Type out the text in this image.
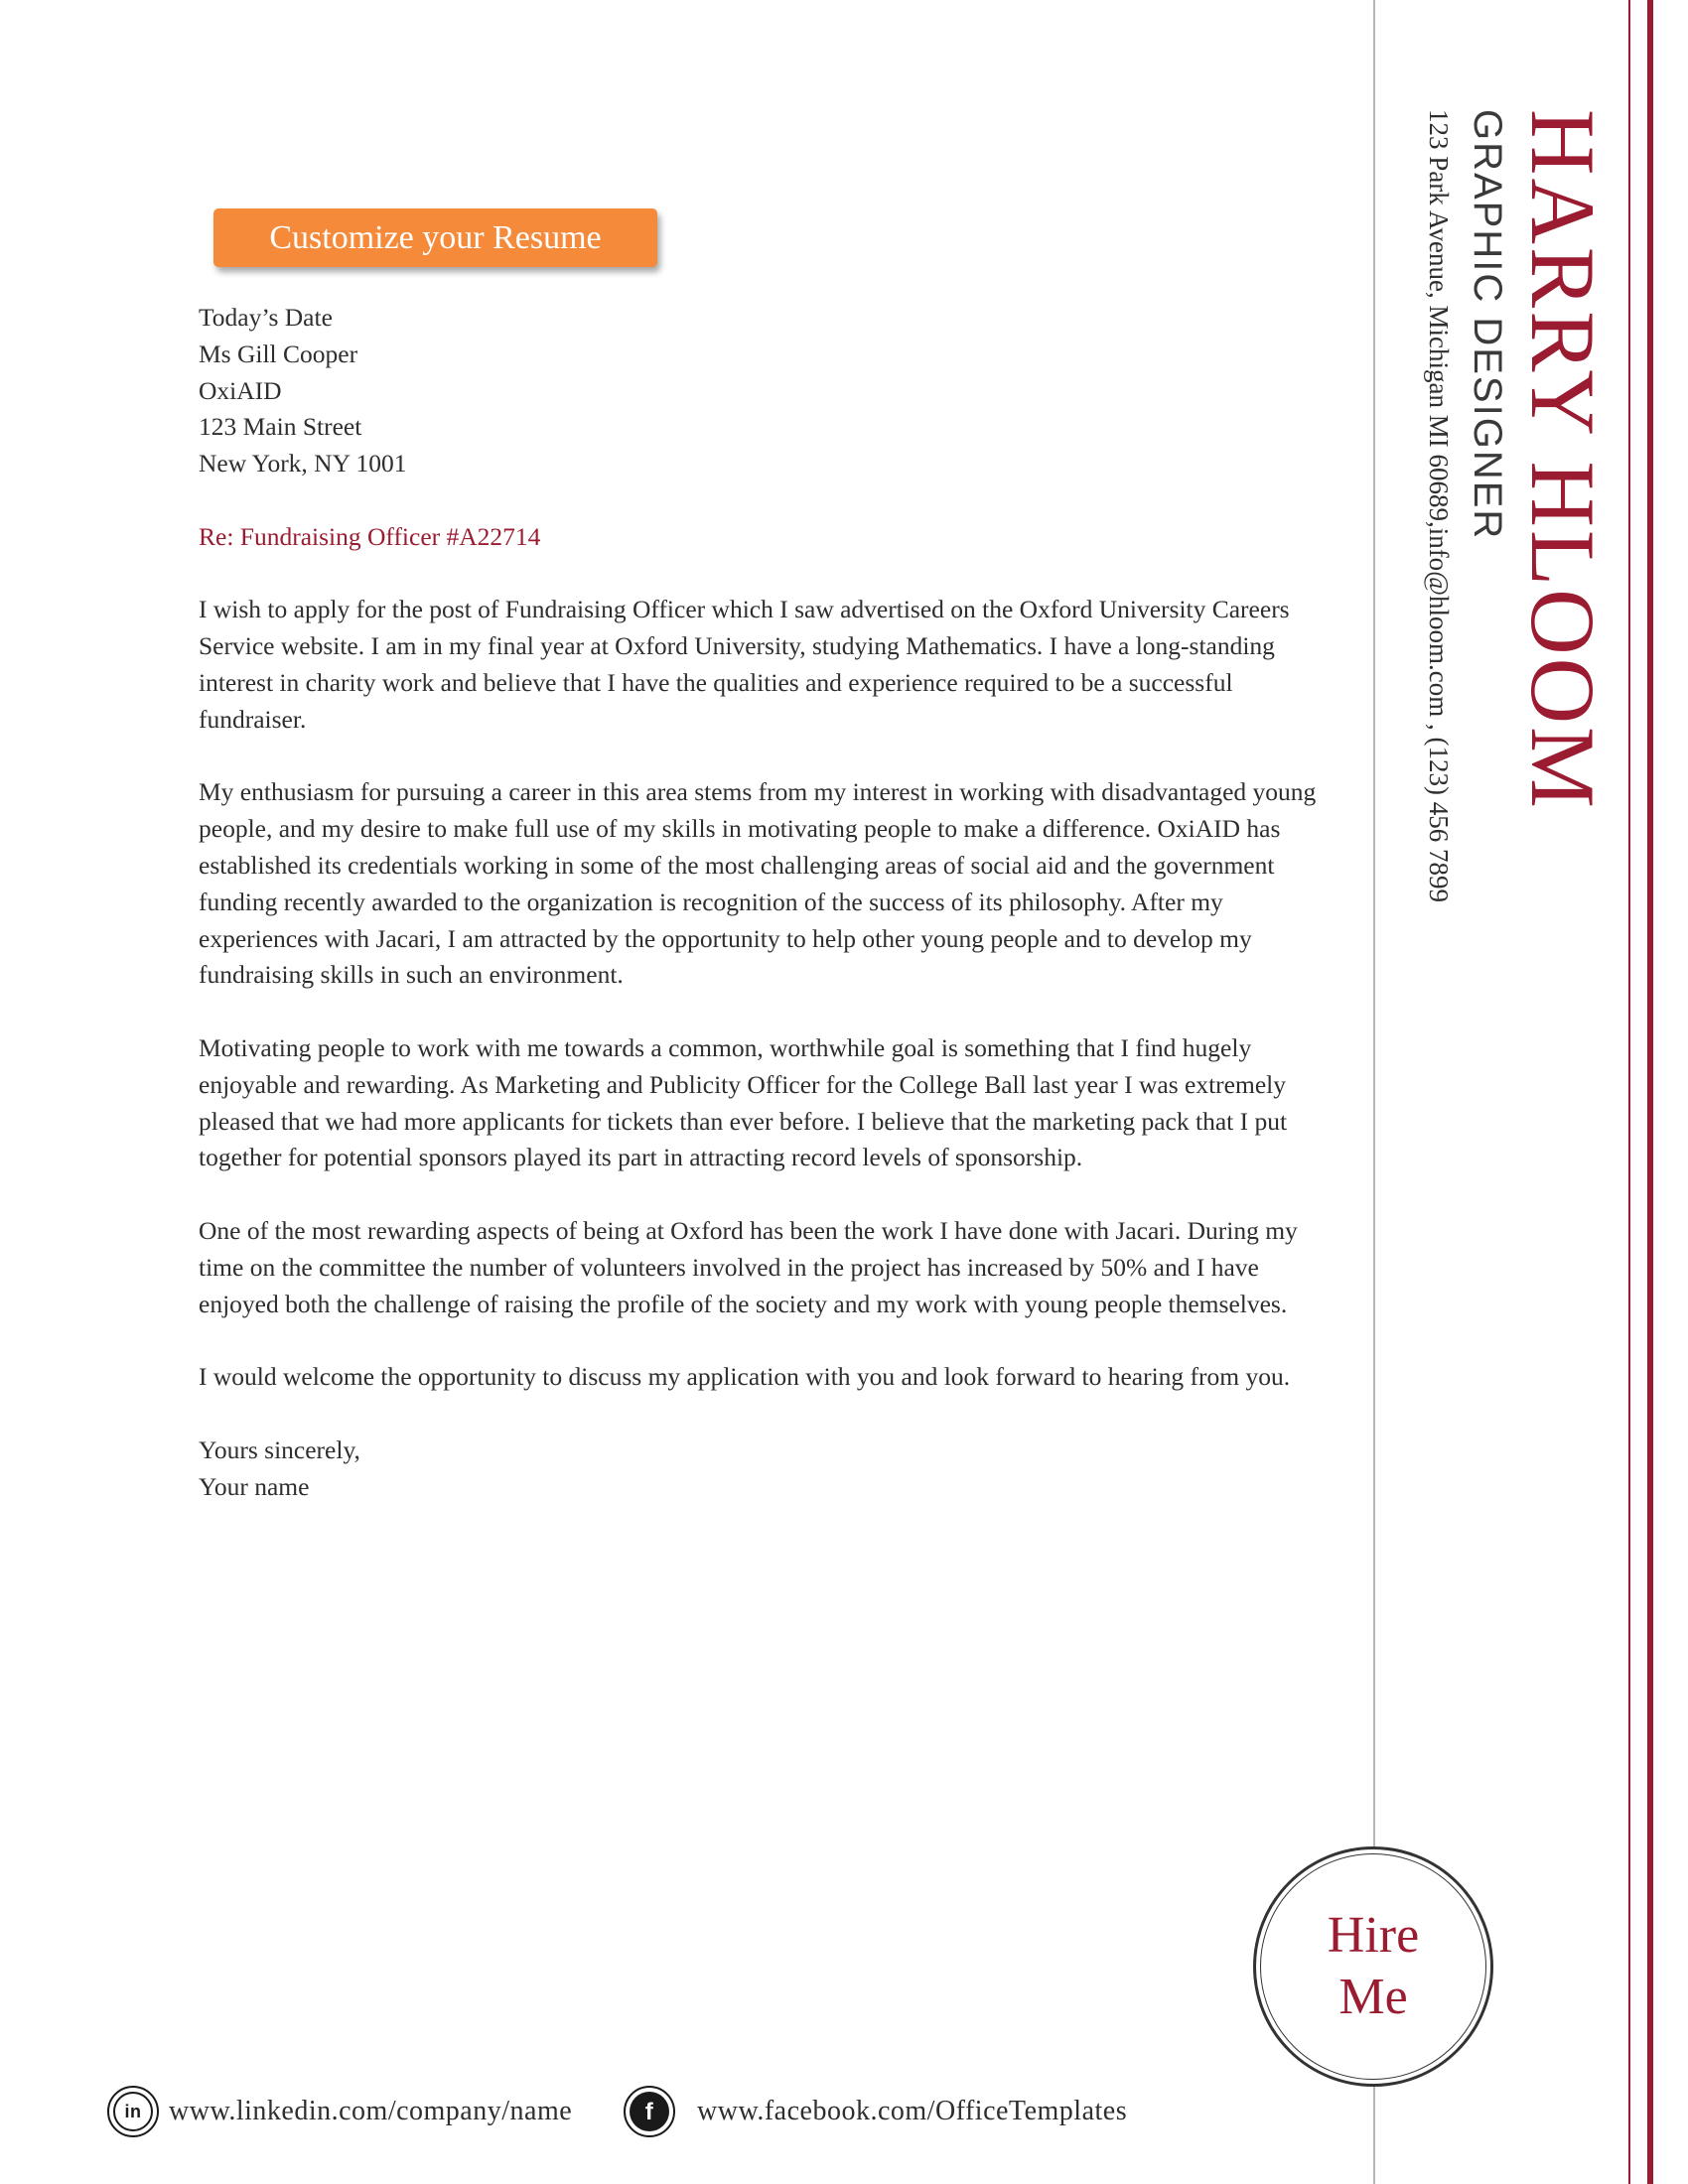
Customize your Resume

Today’s Date
Ms Gill Cooper
OxiAID
123 Main Street
New York, NY 1001

Re: Fundraising Officer #A22714

I wish to apply for the post of Fundraising Officer which I saw advertised on the Oxford University Careers Service website. I am in my final year at Oxford University, studying Mathematics. I have a long-standing interest in charity work and believe that I have the qualities and experience required to be a successful fundraiser.

My enthusiasm for pursuing a career in this area stems from my interest in working with disadvantaged young people, and my desire to make full use of my skills in motivating people to make a difference. OxiAID has established its credentials working in some of the most challenging areas of social aid and the government funding recently awarded to the organization is recognition of the success of its philosophy. After my experiences with Jacari, I am attracted by the opportunity to help other young people and to develop my fundraising skills in such an environment.

Motivating people to work with me towards a common, worthwhile goal is something that I find hugely enjoyable and rewarding. As Marketing and Publicity Officer for the College Ball last year I was extremely pleased that we had more applicants for tickets than ever before. I believe that the marketing pack that I put together for potential sponsors played its part in attracting record levels of sponsorship.

One of the most rewarding aspects of being at Oxford has been the work I have done with Jacari. During my time on the committee the number of volunteers involved in the project has increased by 50% and I have enjoyed both the challenge of raising the profile of the society and my work with young people themselves.

I would welcome the opportunity to discuss my application with you and look forward to hearing from you.

Yours sincerely,
Your name

HARRY HLOOM
GRAPHIC DESIGNER
123 Park Avenue, Michigan MI 60689,info@hloom.com , (123) 456 7899
Hire
Me
in www.linkedin.com/company/name	f www.facebook.com/OfficeTemplates
